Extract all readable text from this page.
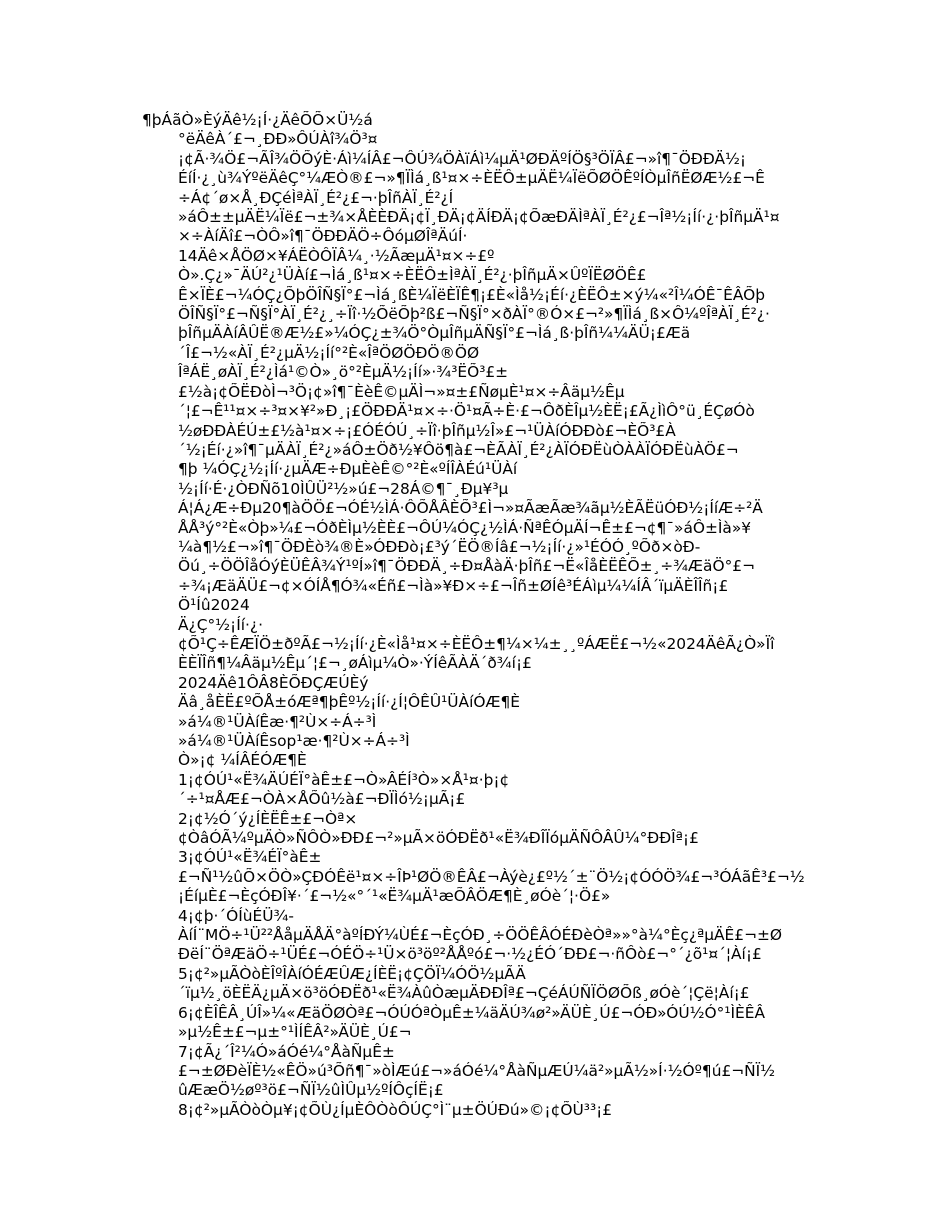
¶þÁãÒ»ÈýÄê½¡Í·¿ÄêÕÕ×Ü½á
°ëÄêÀ´£¬¸ÐÐ»ÔÚÀî¾Ö³¤
¡¢Ã·¾Ö£¬ÃÎ¾ÖÕýÈ·Áì¼ÍÂ£¬ÔÚ¾ÖÀïÁì¼µÄ¹ØÐÄºÍÖ§³ÖÏÂ£¬»î¶¯ÖÐÐÄ½¡
ÉíÍ·¿¸ù¾ÝºëÄêÇ°¼ÆÒ®£¬»¶ÏÌá¸ß¹¤×÷ÈËÔ±µÄË¼ÏëÕØÖÊºÍÒµÎñËØÆ½£¬Ê
÷Á¢´ø×Å¸ÐÇéÌªÀÏ¸É²¿£¬·þÎñÀÏ¸É²¿Í
»áÔ±±µÄË¼Ïë£¬±¾×ÅÈÈÐÄ¡¢Ï¸ÐÄ¡¢ÄÍÐÄ¡¢ÕæÐÄÌªÀÏ¸É²¿£¬Îª½¡Íí·¿·þÎñµÄ¹¤
×÷ÀíÄî£¬ÒÔ»î¶¯ÖÐÐÄÖ÷ÔóµØÎªÄúÍ·
14Äê×ÅÖØ×¥ÁËÒÔÏÂ¼¸·½ÃæµÄ¹¤×÷£º
Ò».Ç¿»¯ÄÚ²¿¹ÜÀí£¬Ìá¸ß¹¤×÷ÈËÔ±ÌªÀÏ¸É²¿·þÎñµÄ×ÛºÏËØÖÊ£
Ê×ÏÈ£¬¼ÓÇ¿ÕþÖÎÑ§Ï°£¬Ìá¸ßÈ¼ÏëÈÏÊ¶¡£È«Ìå½¡Éí·¿ÈËÔ±×ý¼«²Î¼ÓÊ¯ÊÂÕþ
ÖÎÑ§Ï°£¬Ñ§Ï°ÀÏ¸É²¿¸÷Ïî·½ÕëÕþ²ß£¬Ñ§Ï°×ðÀÏ°®Ó×£¬²»¶ÏÌá¸ß×Ô¼ºÎªÀÏ¸É²¿·
þÎñµÄÀíÂÛË®Æ½£»¼ÓÇ¿±¾Ö°ÒµÎñµÄÑ§Ï°£¬Ìá¸ß·þÎñ¼¼ÄÜ¡£Æä
´Î£¬½«ÀÏ¸É²¿µÄ½¡Íí°²È«ÎªÖØÖÐÖ®ÖØ
ÎªÁË¸øÀÏ¸É²¿Ìá¹©Ò»¸ö°²ÈµÄ½¡Íí»·¾³ËÕ³£±
£½à¡¢ÕËÐòÌ¬³Ö¡¢»î¶¯ÈèÊ©µÄÌ¬»¤±£ÑøµÈ¹¤×÷Âäµ½Êµ
´¦£¬Ê¹¹¤×÷³¤×¥²»Ð¸¡£ÖÐÐÄ¹¤×÷·Ö¹¤Ã÷È·£¬ÔðÈÎµ½ÈË¡£Ã¿ÌìÔ°ü¸ÉÇøÓò
½øÐÐÀÉÚ±£½à¹¤×÷¡£ÓÉÓÚ¸÷Ïî·þÎñµ½Î»£¬¹ÜÀíÓÐÐò£¬ÈÕ³£À
´½¡Éí·¿»î¶¯µÄÀÏ¸É²¿»áÔ±Öð½¥Ôö¶à£¬ÈÃÀÏ¸É²¿ÀÏÓÐËùÒÀÀÏÓÐËùÀÖ£¬
¶þ ¼ÓÇ¿½¡Íí·¿µÄÆ÷ÐµÈèÊ©°²È«ºÍÎÀÉú¹ÜÀí
½¡Íí·É·¿ÒÐÑõ10ÌÛÜ²½»ú£¬28Á©¶¯¸Ðµ¥³µ
Á¦Á¿Æ÷Ðµ20¶àÖÖ£¬ÓÉ½ÌÁ·ÔÕÅÂÈÕ³£Ì¬»¤ÃæÃæ¾ãµ½ÈÃËüÓÐ½¡ÍíÆ÷²Ä
ÅÅ³ý°²È«Òþ»¼£¬ÓðÈÌµ½ÈÈ£¬ÔÚ¼ÓÇ¿½ÌÁ·ÑªÊÓµÄÍ¬Ê±£¬¢¶¯»áÔ±Ìà»¥
¼à¶½£¬»î¶¯ÖÐÈò¾®È»ÓÐÐò¡£³ý´ËÖ®Íâ£¬½¡Íí·¿»¹ÉÓÓ¸ºÕð×òÐ-
Öú¸÷ÖÖÎåÓýÈÜÊÂ¾Ý¹ºÍ»î¶¯ÖÐÐÄ¸÷Ð¤ÅàÄ·þÎñ£¬Ë«ÎåÈËÊÕ±¸÷¾ÆäÖ°£¬
÷¾¡ÆäÄÜ£¬¢×ÓÍÅ¶Ó¾«Éñ£¬Ìà»¥Ð×÷£¬Îñ±ØÍê³ÉÁìµ¼¼ÍÂ´ïµÄÈÎÎñ¡£
Ö¹Íû2024
Ä¿Ç°½¡Íí·¿·
¢Õ¹Ç÷ÊÆÏÖ±ðºÃ£¬½¡Íí·¿È«Ìå¹¤×÷ÈËÔ±¶¼×¼±¸¸ºÁÆË£¬½«2024ÄêÃ¿Ò»Ïî
ÈÈÏÎñ¶¼Âäµ½Êµ´¦£¬¸øÁìµ¼Ò»·ÝÍêÃÀÄ´ð¾í¡£
2024Äê1ÔÂ8ÈÕÐÇÆÚÈý
Äâ¸åÈË£ºÕÅ±óÆª¶þÊº½¡Íí·¿Í¦ÔÊÛ¹ÜÀíÓÆ¶È
»á¼®¹ÜÀíÊæ·¶²Ù×÷Á÷³Ì
»á¼®¹ÜÀíÊsop¹æ·¶²Ù×÷Á÷³Ì
Ò»¡¢ ¼ÍÂÉÓÆ¶È
1¡¢ÓÚ¹«Ë¾ÄÚÉÏ°àÊ±£¬Ò»ÂÉÍ³Ò»×Å¹¤·þ¡¢
´÷¹¤ÅÆ£¬ÒÀ×ÅÕû½à£¬ÐÏÌó½¡µÃ¡£
2¡¢½Ó´ý¿ÍÈËÊ±£¬Òª×
¢ÒâÓÃ¼ºµÄÒ»ÑÔÒ»ÐÐ£¬²»µÃ×öÓÐËð¹«Ë¾ÐÎÏóµÄÑÔÂÛ¼°ÐÐÎª¡£
3¡¢ÓÚ¹«Ë¾ÉÏ°àÊ±
£¬Ñ¹½ûÕ×ÖÒ»ÇÐÓÊë¹¤×÷ÎÞ¹ØÖ®ÊÂ£¬Àýè¿£º½´±¨Ö½¡¢ÓÓÖ¾£¬³ÓÁãÊ³£¬½
¡ÉíµÈ£¬ÈçÓÐÎ¥·´£¬½«°´¹«Ë¾µÄ¹æÕÂÖÆ¶È¸øÓè´¦·Ö£»
4¡¢þ·´ÓÍùÉÜ¾-
ÀíÍ¨MÖ÷¹Ü²²ÅåµÄÅÄ°àºÍÐÝ¼ÙÉ£¬ÈçÓÐ¸÷ÖÖÊÂÓÉÐèÒª»»°à¼°Èç¿ªµÄÊ£¬±Ø
ÐëÍ¨ÖªÆäÖ÷¹ÜÉ£¬ÓÉÖ÷¹Ü×ö³öº²ÅÅºó£¬·½¿ÉÓ´ÐÐ£¬·ñÔò£¬°´¿õ¹¤´¦Àí¡£
5¡¢²»µÃÒòÈÎºÎÀíÓÉÆÛÆ¿ÍÈË¡¢ÇÖÏ¼ÓÖ½µÃÄ
´ïµ½¸öÈËÄ¿µÄ×ö³öÓÐËð¹«Ë¾ÀûÒæµÄÐÐÎª£¬ÇéÁÚÑÏÖØÕß¸øÓè´¦Çë¦Àí¡£
6¡¢ÈÎÊÂ¸ÚÎ»¼«ÆäÖØÒª£¬ÓÚÓªÒµÊ±¼äÄÚ¾ø²»ÄÜÈ¸Ú£¬ÓÐ»ÓÚ½Ó°¹ÌÈÊÂ
»µ½Ê±£¬µ±°¹ÌÍÊÂ²»ÄÜÈ¸Ú£¬
7¡¢Ã¿´Î²¼Ó»áÓé¼°ÅàÑµÊ±
£¬±ØÐèÏÈ½«ÊÖ»ú³Õñ¶¯»òÌÆú£¬»áÓé¼°ÅàÑµÆÚ¼ä²»µÃ½»Í·½Óº¶ú£¬ÑÏ½
ûÆæÖ½øº³ö£¬ÑÏ½ûÌÛµ½ºÍÔçÍË¡£
8¡¢²»µÃÒòÒµ¥¡¢ÕÙ¿ÍµÈÔÒòÔÚÇ°Ì¨µ±ÖÚÐú»©¡¢ÕÙ³³¡£
